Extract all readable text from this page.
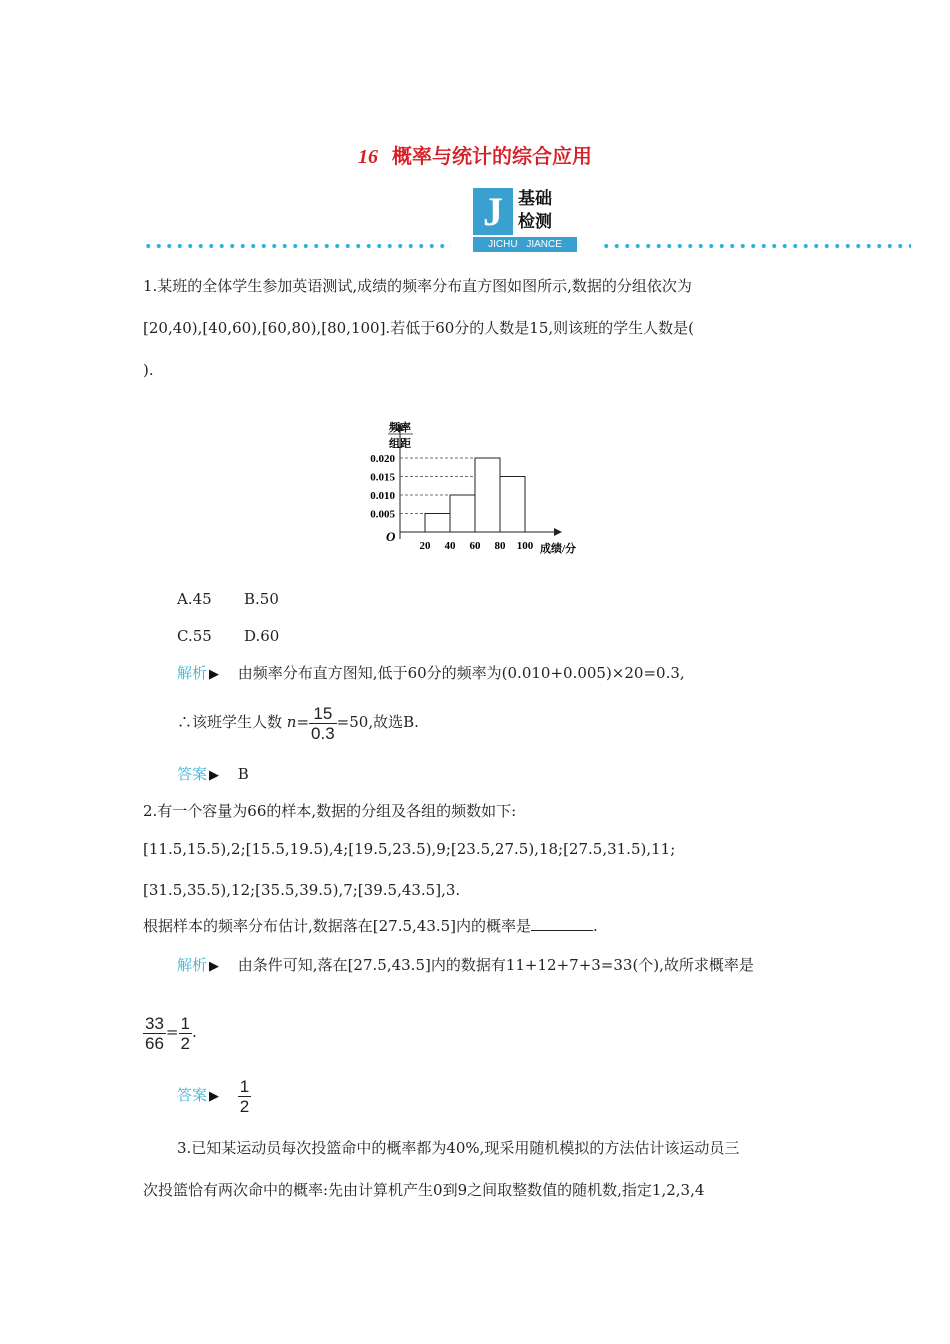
16 概率与统计的综合应用
J 基础
检测
JICHU JIANCE
1.某班的全体学生参加英语测试,成绩的频率分布直方图如图所示,数据的分组依次为
[20,40),[40,60),[60,80),[80,100].若低于60分的人数是15,则该班的学生人数是(
).
频率
组距
O
成绩/分
0.005
0.010
0.015
0.020
20 40 60 80 100
A.45 B.50
C.55 D.60
解析 ▶ 由频率分布直方图知,低于60分的频率为(0.010+0.005)×20=0.3,
∴该班学生人数 $n= \frac{15}{0.3} =50$,故选B.
答案 ▶ B
2.有一个容量为66的样本,数据的分组及各组的频数如下:
[11.5,15.5),2;[15.5,19.5),4;[19.5,23.5),9;[23.5,27.5),18;[27.5,31.5),11;
[31.5,35.5),12;[35.5,39.5),7;[39.5,43.5],3.
根据样本的频率分布估计,数据落在[27.5,43.5]内的概率是	.
解析 ▶ 由条件可知,落在[27.5,43.5]内的数据有11+12+7+3=33(个),故所求概率是
$\frac{33}{66} = \frac{1}{2}$ .
答案 ▶ $\frac{1}{2}$
3.已知某运动员每次投篮命中的概率都为40%,现采用随机模拟的方法估计该运动员三
次投篮恰有两次命中的概率:先由计算机产生0到9之间取整数值的随机数,指定1,2,3,4
